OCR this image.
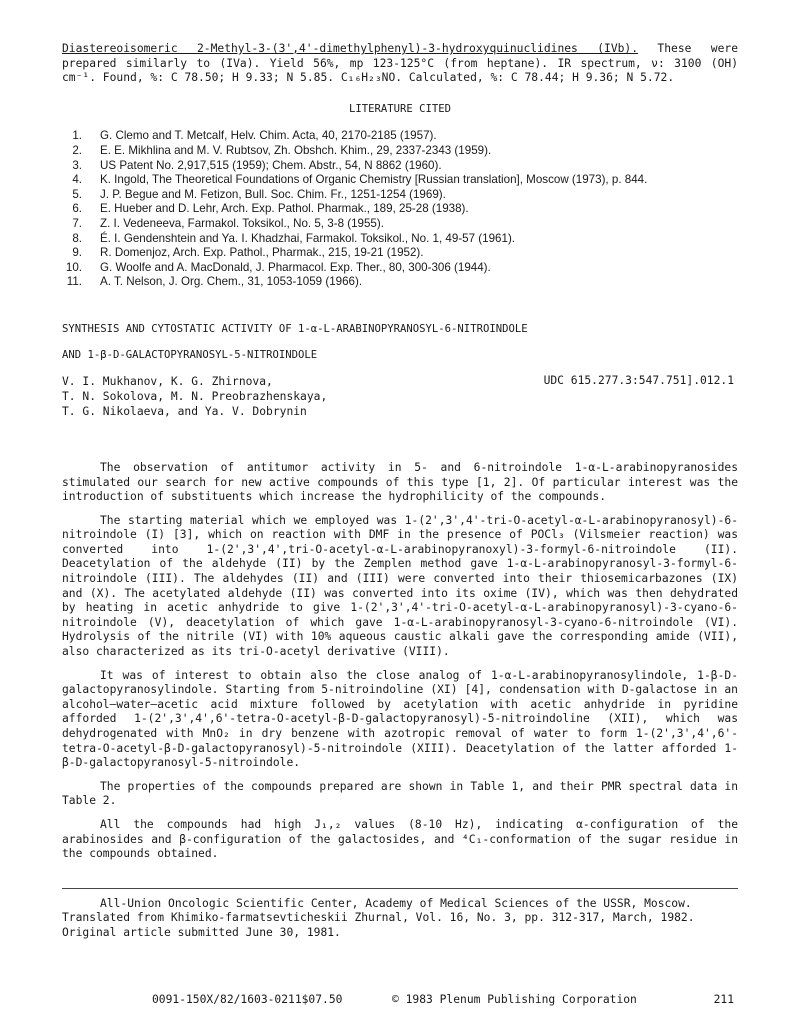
Diastereoisomeric 2-Methyl-3-(3',4'-dimethylphenyl)-3-hydroxyquinuclidines (IVb). These were prepared similarly to (IVa). Yield 56%, mp 123-125°C (from heptane). IR spectrum, ν: 3100 (OH) cm⁻¹. Found, %: C 78.50; H 9.33; N 5.85. C₁₆H₂₃NO. Calculated, %: C 78.44; H 9.36; N 5.72.

LITERATURE CITED
1. G. Clemo and T. Metcalf, Helv. Chim. Acta, 40, 2170-2185 (1957).
2. E. E. Mikhlina and M. V. Rubtsov, Zh. Obshch. Khim., 29, 2337-2343 (1959).
3. US Patent No. 2,917,515 (1959); Chem. Abstr., 54, N 8862 (1960).
4. K. Ingold, The Theoretical Foundations of Organic Chemistry [Russian translation], Moscow (1973), p. 844.
5. J. P. Begue and M. Fetizon, Bull. Soc. Chim. Fr., 1251-1254 (1969).
6. E. Hueber and D. Lehr, Arch. Exp. Pathol. Pharmak., 189, 25-28 (1938).
7. Z. I. Vedeneeva, Farmakol. Toksikol., No. 5, 3-8 (1955).
8. É. I. Gendenshtein and Ya. I. Khadzhai, Farmakol. Toksikol., No. 1, 49-57 (1961).
9. R. Domenjoz, Arch. Exp. Pathol., Pharmak., 215, 19-21 (1952).
10. G. Woolfe and A. MacDonald, J. Pharmacol. Exp. Ther., 80, 300-306 (1944).
11. A. T. Nelson, J. Org. Chem., 31, 1053-1059 (1966).
SYNTHESIS AND CYTOSTATIC ACTIVITY OF 1-α-L-ARABINOPYRANOSYL-6-NITROINDOLE
AND 1-β-D-GALACTOPYRANOSYL-5-NITROINDOLE

V. I. Mukhanov, K. G. Zhirnova,

T. N. Sokolova, M. N. Preobrazhenskaya,

T. G. Nikolaeva, and Ya. V. Dobrynin

UDC 615.277.3:547.751].012.1

The observation of antitumor activity in 5- and 6-nitroindole 1-α-L-arabinopyranosides stimulated our search for new active compounds of this type [1, 2]. Of particular interest was the introduction of substituents which increase the hydrophilicity of the compounds.

The starting material which we employed was 1-(2',3',4'-tri-O-acetyl-α-L-arabinopyranosyl)-6-nitroindole (I) [3], which on reaction with DMF in the presence of POCl₃ (Vilsmeier reaction) was converted into 1-(2',3',4',tri-O-acetyl-α-L-arabinopyranoxyl)-3-formyl-6-nitroindole (II). Deacetylation of the aldehyde (II) by the Zemplen method gave 1-α-L-arabinopyranosyl-3-formyl-6-nitroindole (III). The aldehydes (II) and (III) were converted into their thiosemicarbazones (IX) and (X). The acetylated aldehyde (II) was converted into its oxime (IV), which was then dehydrated by heating in acetic anhydride to give 1-(2',3',4'-tri-O-acetyl-α-L-arabinopyranosyl)-3-cyano-6-nitroindole (V), deacetylation of which gave 1-α-L-arabinopyranosyl-3-cyano-6-nitroindole (VI). Hydrolysis of the nitrile (VI) with 10% aqueous caustic alkali gave the corresponding amide (VII), also characterized as its tri-O-acetyl derivative (VIII).

It was of interest to obtain also the close analog of 1-α-L-arabinopyranosylindole, 1-β-D-galactopyranosylindole. Starting from 5-nitroindoline (XI) [4], condensation with D-galactose in an alcohol—water—acetic acid mixture followed by acetylation with acetic anhydride in pyridine afforded 1-(2',3',4',6'-tetra-O-acetyl-β-D-galactopyranosyl)-5-nitroindoline (XII), which was dehydrogenated with MnO₂ in dry benzene with azotropic removal of water to form 1-(2',3',4',6'-tetra-O-acetyl-β-D-galactopyranosyl)-5-nitroindole (XIII). Deacetylation of the latter afforded 1-β-D-galactopyranosyl-5-nitroindole.

The properties of the compounds prepared are shown in Table 1, and their PMR spectral data in Table 2.

All the compounds had high J₁,₂ values (8-10 Hz), indicating α-configuration of the arabinosides and β-configuration of the galactosides, and ⁴C₁-conformation of the sugar residue in the compounds obtained.

All-Union Oncologic Scientific Center, Academy of Medical Sciences of the USSR, Moscow. Translated from Khimiko-farmatsevticheskii Zhurnal, Vol. 16, No. 3, pp. 312-317, March, 1982. Original article submitted June 30, 1981.

0091-150X/82/1603-0211$07.50	© 1983 Plenum Publishing Corporation	211
